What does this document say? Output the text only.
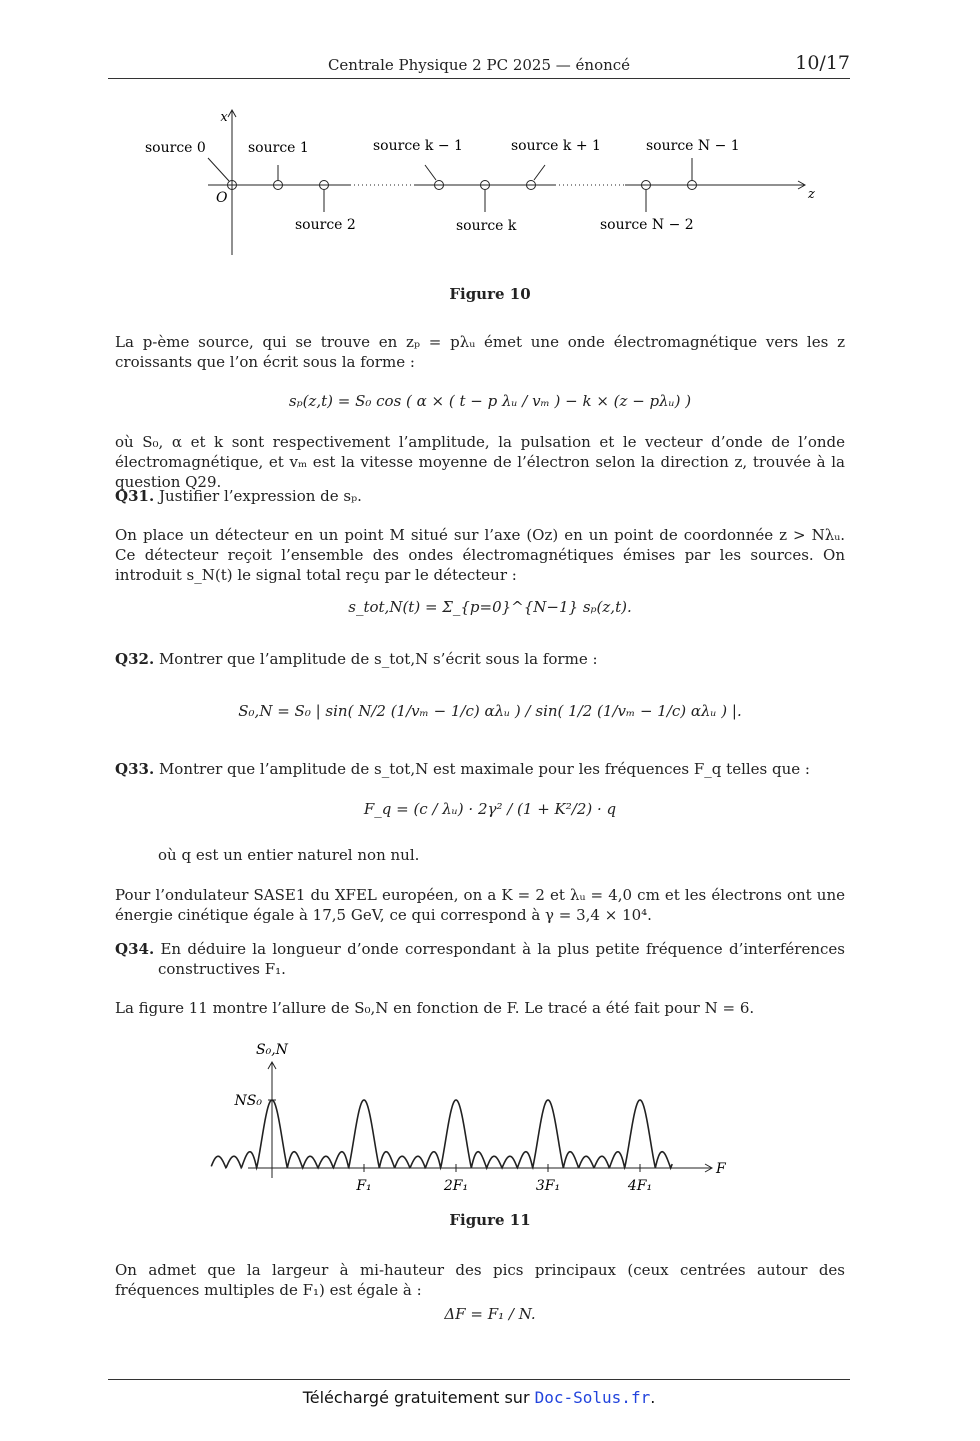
Centrale Physique 2 PC 2025 — énoncé	10/17
x
z
O
source 0	source 1
source 2
source k − 1
source k
source k + 1
source N − 2
source N − 1
Figure 10
La p-ème source, qui se trouve en zₚ = pλᵤ émet une onde électromagnétique vers les z croissants que l’on écrit sous la forme :
sₚ(z,t) = S₀ cos ( α × ( t − p λᵤ / vₘ ) − k × (z − pλᵤ) )
où S₀, α et k sont respectivement l’amplitude, la pulsation et le vecteur d’onde de l’onde électromagnétique, et vₘ est la vitesse moyenne de l’électron selon la direction z, trouvée à la question Q29.
Q31. Justifier l’expression de sₚ.
On place un détecteur en un point M situé sur l’axe (Oz) en un point de coordonnée z > Nλᵤ. Ce détecteur reçoit l’ensemble des ondes électromagnétiques émises par les sources. On introduit s_N(t) le signal total reçu par le détecteur :
s_tot,N(t) = Σ_{p=0}^{N−1} sₚ(z,t).
Q32. Montrer que l’amplitude de s_tot,N s’écrit sous la forme :
S₀,N = S₀ | sin( N/2 (1/vₘ − 1/c) αλᵤ ) / sin( 1/2 (1/vₘ − 1/c) αλᵤ ) |.
Q33. Montrer que l’amplitude de s_tot,N est maximale pour les fréquences F_q telles que :
F_q = (c / λᵤ) · 2γ² / (1 + K²/2) · q
où q est un entier naturel non nul.
Pour l’ondulateur SASE1 du XFEL européen, on a K = 2 et λᵤ = 4,0 cm et les électrons ont une énergie cinétique égale à 17,5 GeV, ce qui correspond à γ = 3,4 × 10⁴.
Q34. En déduire la longueur d’onde correspondant à la plus petite fréquence d’interférences constructives F₁.
La figure 11 montre l’allure de S₀,N en fonction de F. Le tracé a été fait pour N = 6.
S₀,N
F
NS₀
F₁	2F₁	3F₁	4F₁
Figure 11
On admet que la largeur à mi-hauteur des pics principaux (ceux centrées autour des fréquences multiples de F₁) est égale à :
ΔF = F₁ / N.
Téléchargé gratuitement sur Doc-Solus.fr.
